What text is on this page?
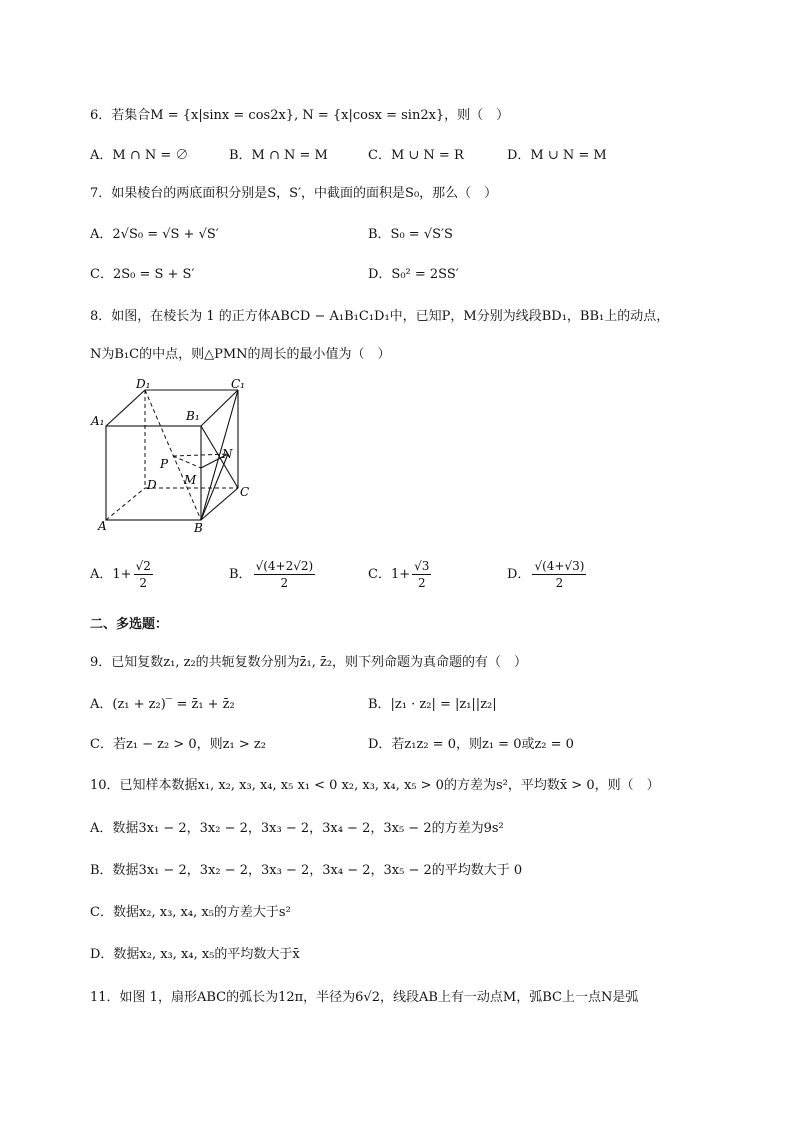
6．若集合M = {x|sinx = cos2x}, N = {x|cosx = sin2x}，则（　）
A．M ∩ N = ∅	B．M ∩ N = M	C．M ∪ N = R	D．M ∪ N = M
7．如果棱台的两底面积分别是S，S′，中截面的面积是S₀，那么（　）
A．2√S₀ = √S + √S′	B．S₀ = √S′S
C．2S₀ = S + S′	D．S₀² = 2SS′
8．如图，在棱长为 1 的正方体ABCD − A₁B₁C₁D₁中，已知P，M分别为线段BD₁，BB₁上的动点，
N为B₁C的中点，则△PMN的周长的最小值为（　）
D₁	C₁
A₁	B₁
P
N
M
D	C
A	B
A．$1+ \frac{√2}{2}$	B． $\frac{√(4+2√2)}{2}$	C．$1+ \frac{√3}{2}$	D． $\frac{√(4+√3)}{2}$
二、多选题：
9．已知复数z₁, z₂的共轭复数分别为z̄₁, z̄₂，则下列命题为真命题的有（　）
A．(z₁ + z₂)‾ = z̄₁ + z̄₂	B．|z₁ · z₂| = |z₁||z₂|
C．若z₁ − z₂ > 0，则z₁ > z₂	D．若z₁z₂ = 0，则z₁ = 0或z₂ = 0
10．已知样本数据x₁, x₂, x₃, x₄, x₅ x₁ < 0 x₂, x₃, x₄, x₅ > 0的方差为s²，平均数x̄ > 0，则（　）
A．数据3x₁ − 2，3x₂ − 2，3x₃ − 2，3x₄ − 2，3x₅ − 2的方差为9s²
B．数据3x₁ − 2，3x₂ − 2，3x₃ − 2，3x₄ − 2，3x₅ − 2的平均数大于 0
C．数据x₂, x₃, x₄, x₅的方差大于s²
D．数据x₂, x₃, x₄, x₅的平均数大于x̄
11．如图 1，扇形ABC的弧长为12π，半径为6√2，线段AB上有一动点M，弧BC上一点N是弧
